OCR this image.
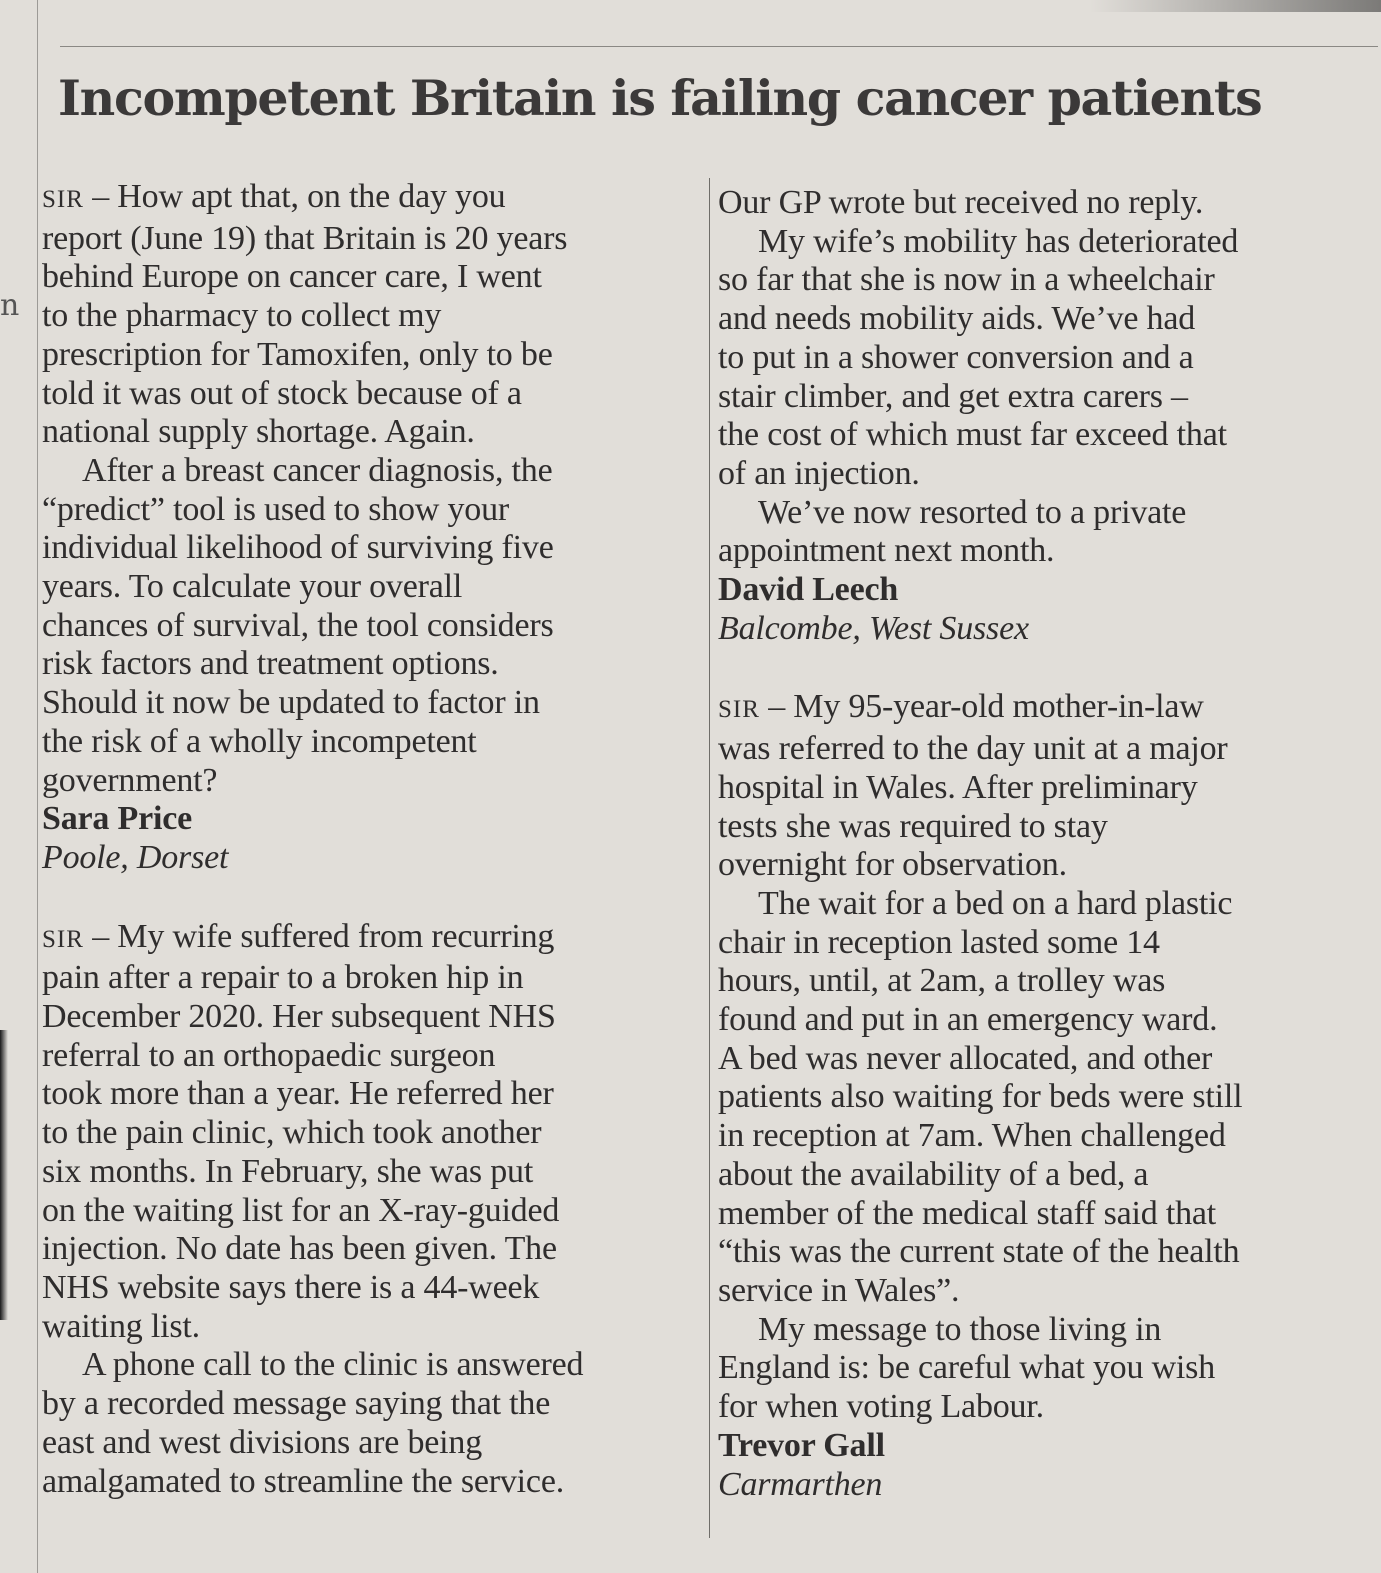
n
Incompetent Britain is failing cancer patients

SIR – How apt that, on the day you

report (June 19) that Britain is 20 years

behind Europe on cancer care, I went

to the pharmacy to collect my

prescription for Tamoxifen, only to be

told it was out of stock because of a

national supply shortage. Again.

After a breast cancer diagnosis, the

“predict” tool is used to show your

individual likelihood of surviving five

years. To calculate your overall

chances of survival, the tool considers

risk factors and treatment options.

Should it now be updated to factor in

the risk of a wholly incompetent

government?

Sara Price

Poole, Dorset

SIR – My wife suffered from recurring

pain after a repair to a broken hip in

December 2020. Her subsequent NHS

referral to an orthopaedic surgeon

took more than a year. He referred her

to the pain clinic, which took another

six months. In February, she was put

on the waiting list for an X-ray-guided

injection. No date has been given. The

NHS website says there is a 44-week

waiting list.

A phone call to the clinic is answered

by a recorded message saying that the

east and west divisions are being

amalgamated to streamline the service.

Our GP wrote but received no reply.

My wife’s mobility has deteriorated

so far that she is now in a wheelchair

and needs mobility aids. We’ve had

to put in a shower conversion and a

stair climber, and get extra carers –

the cost of which must far exceed that

of an injection.

We’ve now resorted to a private

appointment next month.

David Leech

Balcombe, West Sussex

SIR – My 95-year-old mother-in-law

was referred to the day unit at a major

hospital in Wales. After preliminary

tests she was required to stay

overnight for observation.

The wait for a bed on a hard plastic

chair in reception lasted some 14

hours, until, at 2am, a trolley was

found and put in an emergency ward.

A bed was never allocated, and other

patients also waiting for beds were still

in reception at 7am. When challenged

about the availability of a bed, a

member of the medical staff said that

“this was the current state of the health

service in Wales”.

My message to those living in

England is: be careful what you wish

for when voting Labour.

Trevor Gall

Carmarthen
